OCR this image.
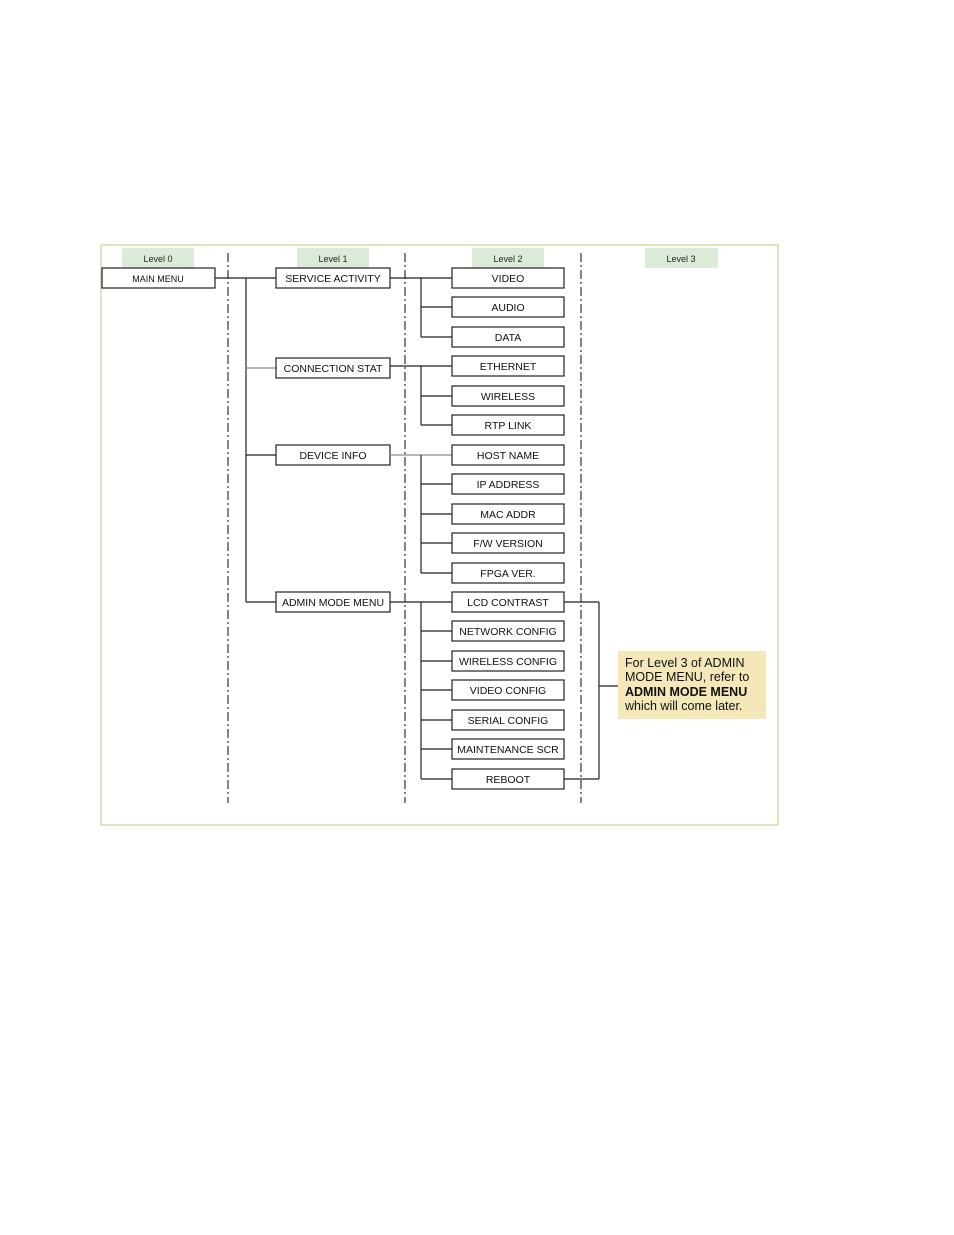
Level 0	Level 1	Level 2	Level 3
MAIN MENU	SERVICE ACTIVITY
CONNECTION STAT
DEVICE INFO
ADMIN MODE MENU
VIDEO
AUDIO
DATA
ETHERNET
WIRELESS
RTP LINK
HOST NAME
IP ADDRESS
MAC ADDR
F/W VERSION
FPGA VER.
LCD CONTRAST
NETWORK CONFIG
WIRELESS CONFIG
VIDEO CONFIG
SERIAL CONFIG
MAINTENANCE SCR
REBOOT
For Level 3 of ADMIN
MODE MENU, refer to
ADMIN MODE MENU
which will come later.
